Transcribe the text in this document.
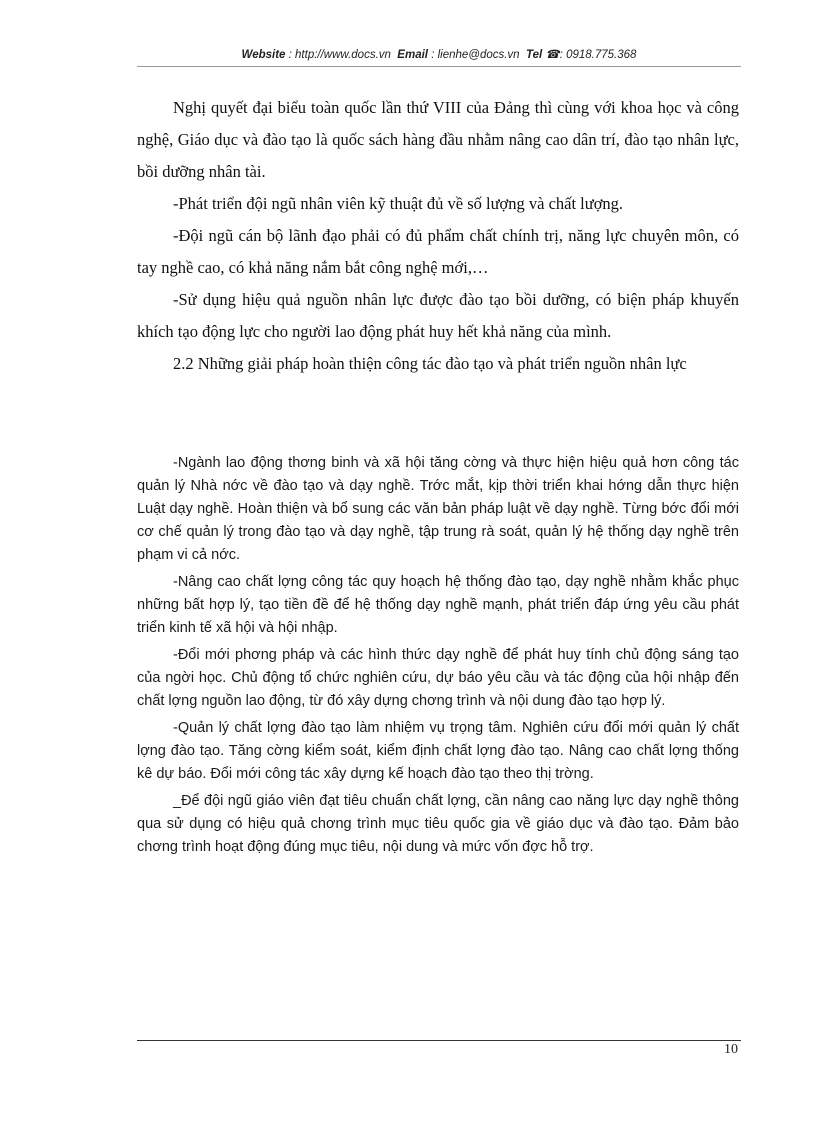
Website : http://www.docs.vn Email : lienhe@docs.vn Tel ☎: 0918.775.368

Nghị quyết đại biểu toàn quốc lần thứ VIII của Đảng thì cùng với khoa học và công nghệ, Giáo dục và đào tạo là quốc sách hàng đầu nhằm nâng cao dân trí, đào tạo nhân lực, bồi dưỡng nhân tài.

-Phát triển đội ngũ nhân viên kỹ thuật đủ về số lượng và chất lượng.

-Đội ngũ cán bộ lãnh đạo phải có đủ phẩm chất chính trị, năng lực chuyên môn, có tay nghề cao, có khả năng nắm bắt công nghệ mới,…

-Sử dụng hiệu quả nguồn nhân lực được đào tạo bồi dưỡng, có biện pháp khuyến khích tạo động lực cho người lao động phát huy hết khả năng của mình.

2.2 Những giải pháp hoàn thiện công tác đào tạo và phát triển nguồn nhân lực

-Ngành lao động thơng binh và xã hội tăng cờng và thực hiện hiệu quả hơn công tác quản lý Nhà nớc về đào tạo và dạy nghề. Trớc mắt, kịp thời triển khai hớng dẫn thực hiện Luật dạy nghề. Hoàn thiện và bổ sung các văn bản pháp luật về dạy nghề. Từng bớc đổi mới cơ chế quản lý trong đào tạo và dạy nghề, tập trung rà soát, quản lý hệ thống dạy nghề trên phạm vi cả nớc.

-Nâng cao chất lợng công tác quy hoạch hệ thống đào tạo, dạy nghề nhằm khắc phục những bất hợp lý, tạo tiền đề để hệ thống dạy nghề mạnh, phát triển đáp ứng yêu cầu phát triển kinh tế xã hội và hội nhập.

-Đổi mới phơng pháp và các hình thức dạy nghề để phát huy tính chủ động sáng tạo của ngời học. Chủ động tổ chức nghiên cứu, dự báo yêu cầu và tác động của hội nhập đến chất lợng nguồn lao động, từ đó xây dựng chơng trình và nội dung đào tạo hợp lý.

-Quản lý chất lợng đào tạo làm nhiệm vụ trọng tâm. Nghiên cứu đổi mới quản lý chất lợng đào tạo. Tăng cờng kiểm soát, kiểm định chất lợng đào tạo. Nâng cao chất lợng thống kê dự báo. Đổi mới công tác xây dựng kế hoạch đào tạo theo thị trờng.

_Để đội ngũ giáo viên đạt tiêu chuẩn chất lợng, cần nâng cao năng lực dạy nghề thông qua sử dụng có hiệu quả chơng trình mục tiêu quốc gia về giáo dục và đào tạo. Đảm bảo chơng trình hoạt động đúng mục tiêu, nội dung và mức vốn đợc hỗ trợ.

10
